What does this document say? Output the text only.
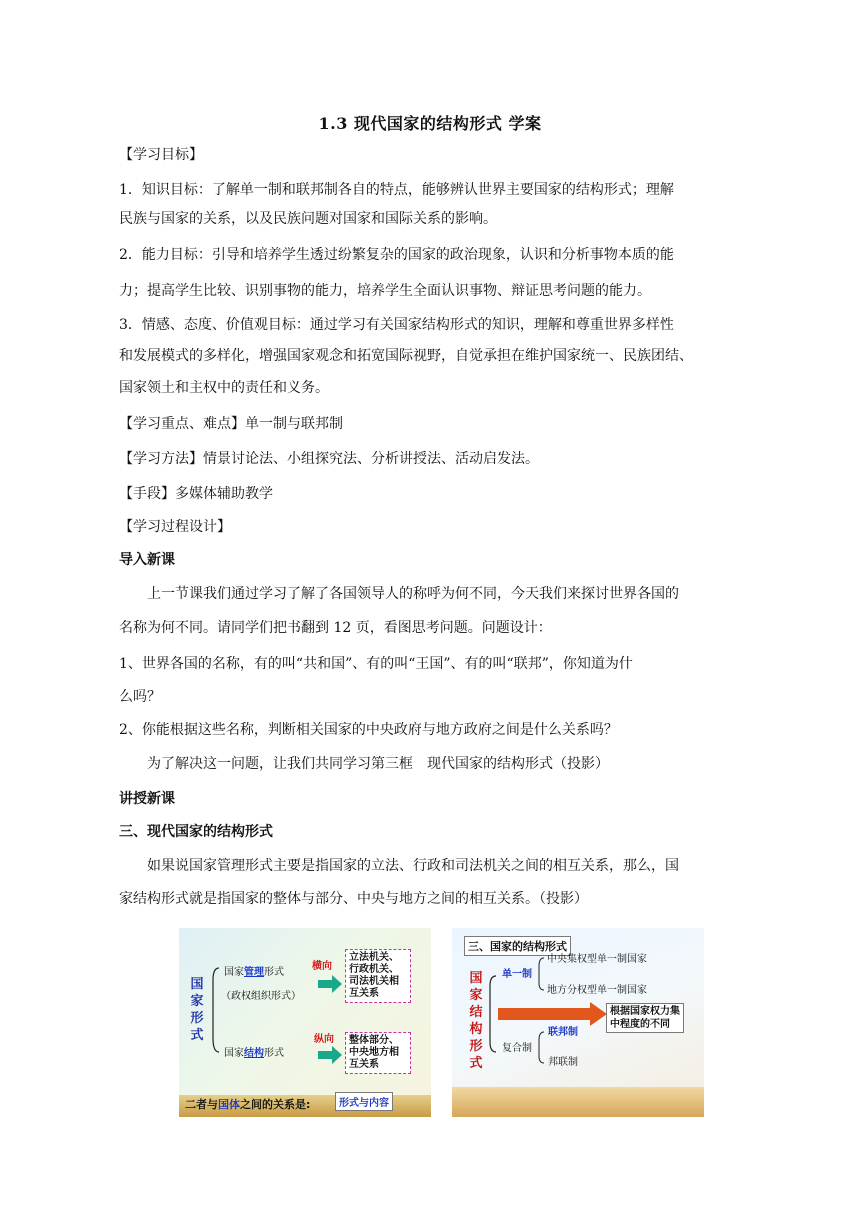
1.3 现代国家的结构形式 学案
【学习目标】
1．知识目标：了解单一制和联邦制各自的特点，能够辨认世界主要国家的结构形式；理解
民族与国家的关系，以及民族问题对国家和国际关系的影响。
2．能力目标：引导和培养学生透过纷繁复杂的国家的政治现象，认识和分析事物本质的能
力；提高学生比较、识别事物的能力，培养学生全面认识事物、辩证思考问题的能力。
3．情感、态度、价值观目标：通过学习有关国家结构形式的知识，理解和尊重世界多样性
和发展模式的多样化，增强国家观念和拓宽国际视野，自觉承担在维护国家统一、民族团结、
国家领土和主权中的责任和义务。
【学习重点、难点】单一制与联邦制
【学习方法】情景讨论法、小组探究法、分析讲授法、活动启发法。
【手段】多媒体辅助教学
【学习过程设计】
导入新课
上一节课我们通过学习了解了各国领导人的称呼为何不同，今天我们来探讨世界各国的
名称为何不同。请同学们把书翻到 12 页，看图思考问题。问题设计：
1、世界各国的名称，有的叫“共和国”、有的叫“王国”、有的叫“联邦”，你知道为什
么吗？
2、你能根据这些名称，判断相关国家的中央政府与地方政府之间是什么关系吗？
为了解决这一问题，让我们共同学习第三框　现代国家的结构形式（投影）
讲授新课
三、现代国家的结构形式
如果说国家管理形式主要是指国家的立法、行政和司法机关之间的相互关系，那么，国
家结构形式就是指国家的整体与部分、中央与地方之间的相互关系。（投影）
国家形式
国家管理形式
（政权组织形式）
横向
立法机关、
行政机关、
司法机关相
互关系
国家结构形式
纵向 整体部分、
中央地方相
互关系
二者与国体之间的关系是:	形式与内容
三、国家的结构形式
国家结构形式
单一制
中央集权型单一制国家
地方分权型单一制国家
根据国家权力集
中程度的不同
复合制
联邦制
邦联制
